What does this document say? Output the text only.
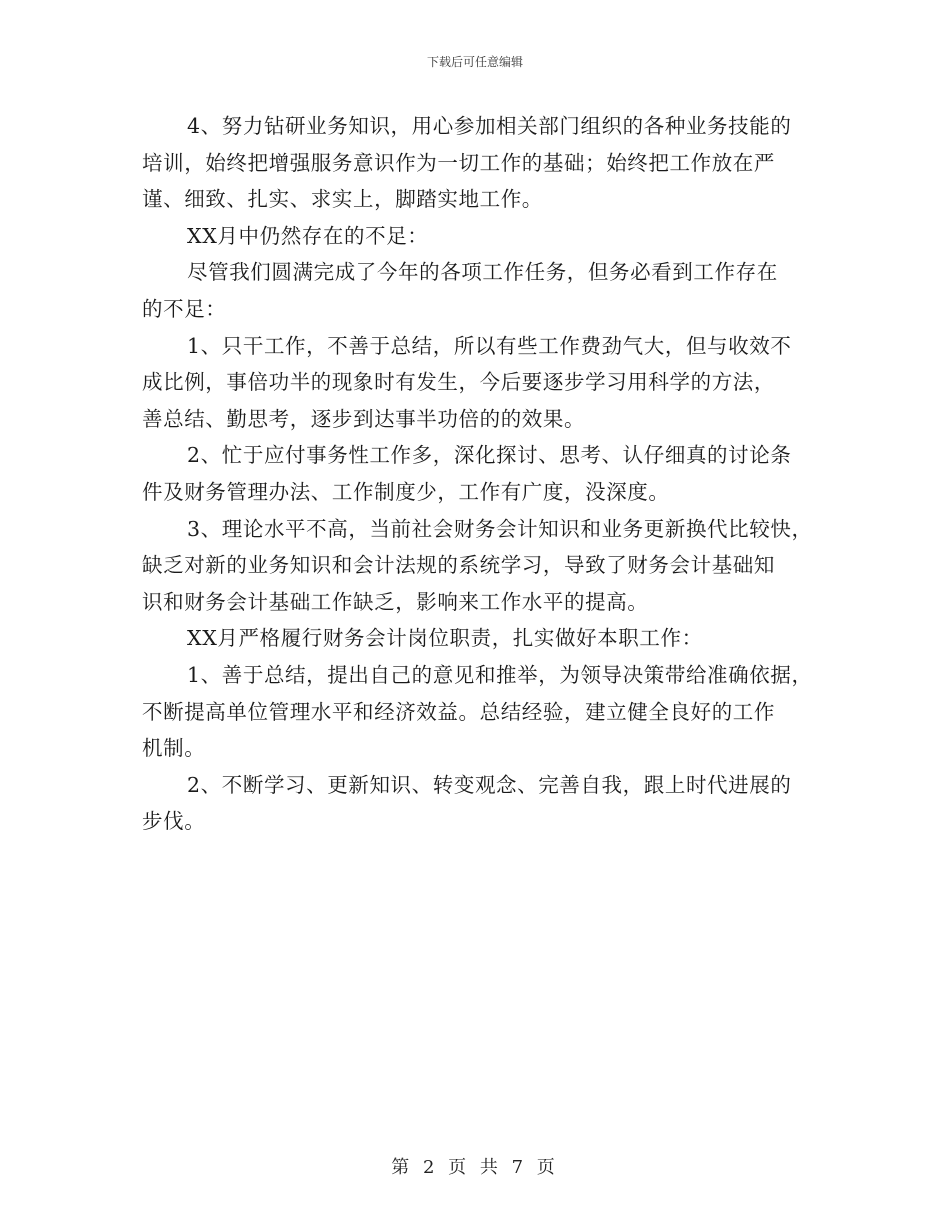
下载后可任意编辑
4、努力钻研业务知识，用心参加相关部门组织的各种业务技能的
培训，始终把增强服务意识作为一切工作的基础；始终把工作放在严
谨、细致、扎实、求实上，脚踏实地工作。
XX月中仍然存在的不足：
尽管我们圆满完成了今年的各项工作任务，但务必看到工作存在
的不足：
1、只干工作，不善于总结，所以有些工作费劲气大，但与收效不
成比例，事倍功半的现象时有发生，今后要逐步学习用科学的方法，
善总结、勤思考，逐步到达事半功倍的的效果。
2、忙于应付事务性工作多，深化探讨、思考、认仔细真的讨论条
件及财务管理办法、工作制度少，工作有广度，没深度。
3、理论水平不高，当前社会财务会计知识和业务更新换代比较快，
缺乏对新的业务知识和会计法规的系统学习，导致了财务会计基础知
识和财务会计基础工作缺乏，影响来工作水平的提高。
XX月严格履行财务会计岗位职责，扎实做好本职工作：
1、善于总结，提出自己的意见和推举，为领导决策带给准确依据，
不断提高单位管理水平和经济效益。总结经验，建立健全良好的工作
机制。
2、不断学习、更新知识、转变观念、完善自我，跟上时代进展的
步伐。
第 2 页 共 7 页
